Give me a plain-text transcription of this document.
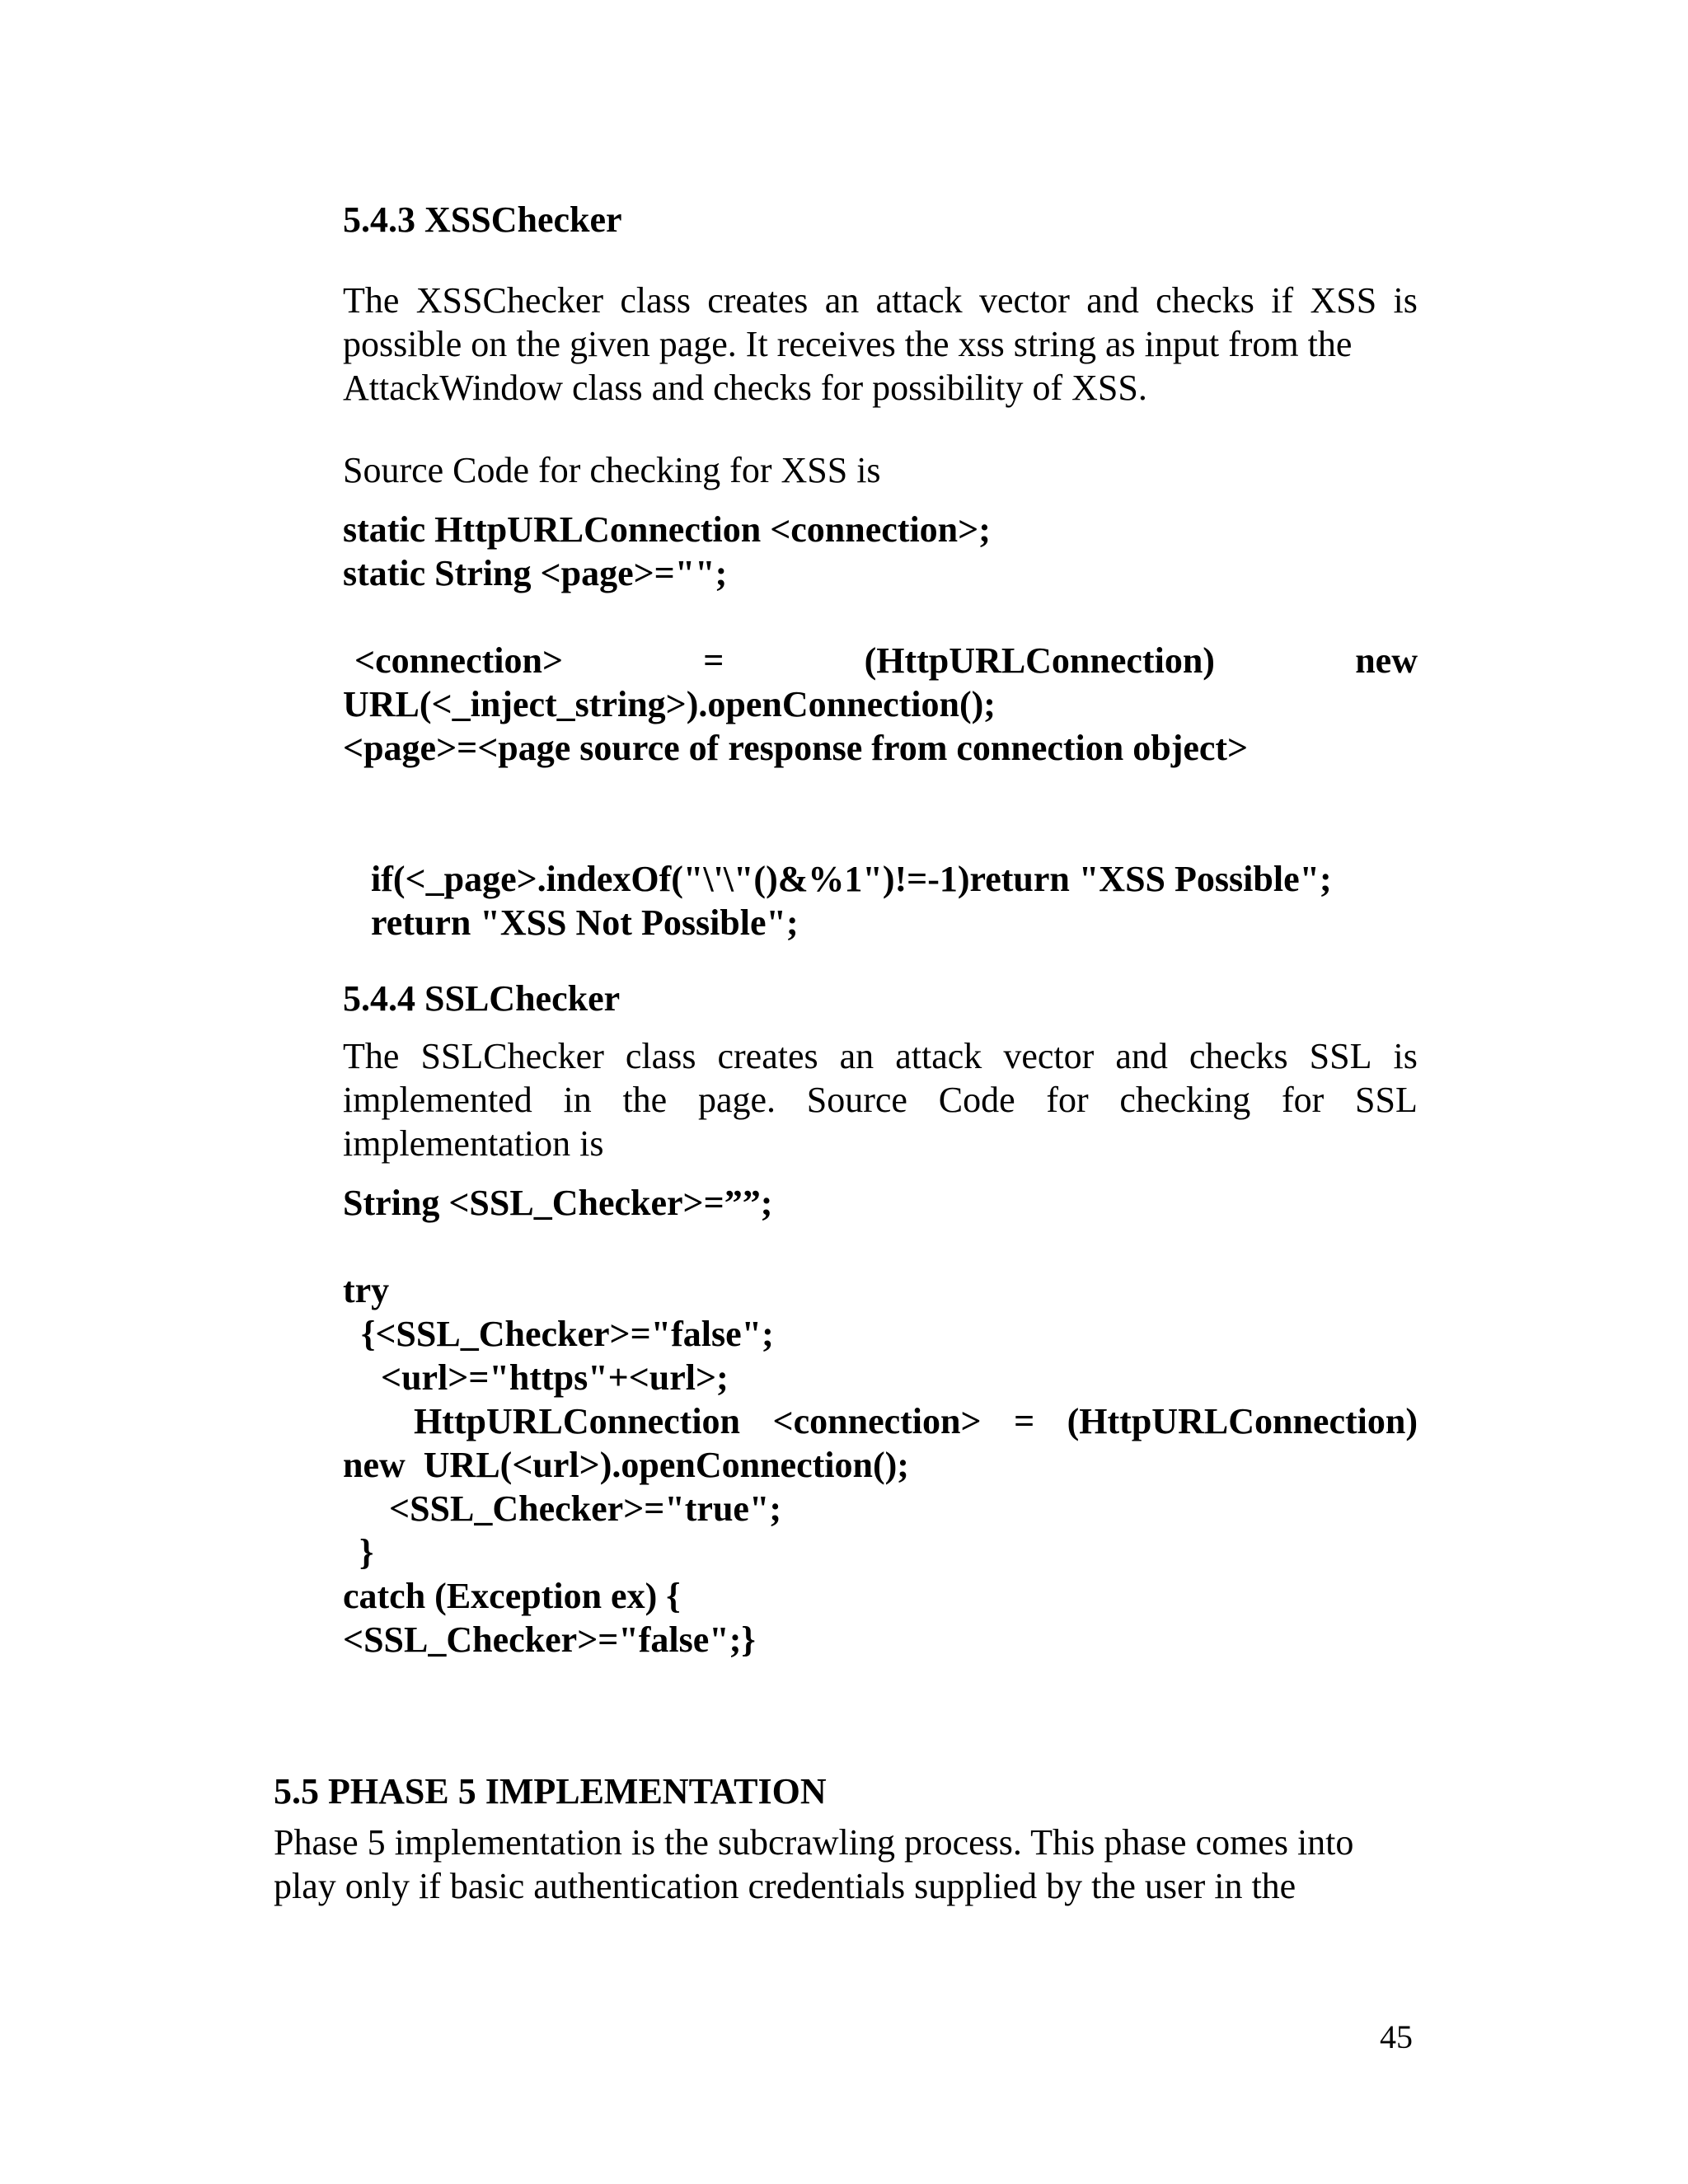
5.4.3 XSSChecker
The XSSChecker class creates an attack vector and checks if XSS is
possible on the given page. It receives the xss string as input from the
AttackWindow class and checks for possibility of XSS.
Source Code for checking for XSS is
static HttpURLConnection <connection>;
static String <page>="";
<connection>	=	(HttpURLConnection)	new
URL(<_inject_string>).openConnection();
<page>=<page source of response from connection object>
if(<_page>.indexOf("\'\"()&%1")!=-1)return "XSS Possible";
return "XSS Not Possible";
5.4.4 SSLChecker
The SSLChecker class creates an attack vector and checks SSL is
implemented in the page. Source Code for checking for SSL
implementation is
String <SSL_Checker>=””;
try
{<SSL_Checker>="false";
<url>="https"+<url>;
HttpURLConnection <connection> = (HttpURLConnection)
new  URL(<url>).openConnection();
<SSL_Checker>="true";
}
catch (Exception ex) {
<SSL_Checker>="false";}
5.5 PHASE 5 IMPLEMENTATION
Phase 5 implementation is the subcrawling process. This phase comes into
play only if basic authentication credentials supplied by the user in the
45
